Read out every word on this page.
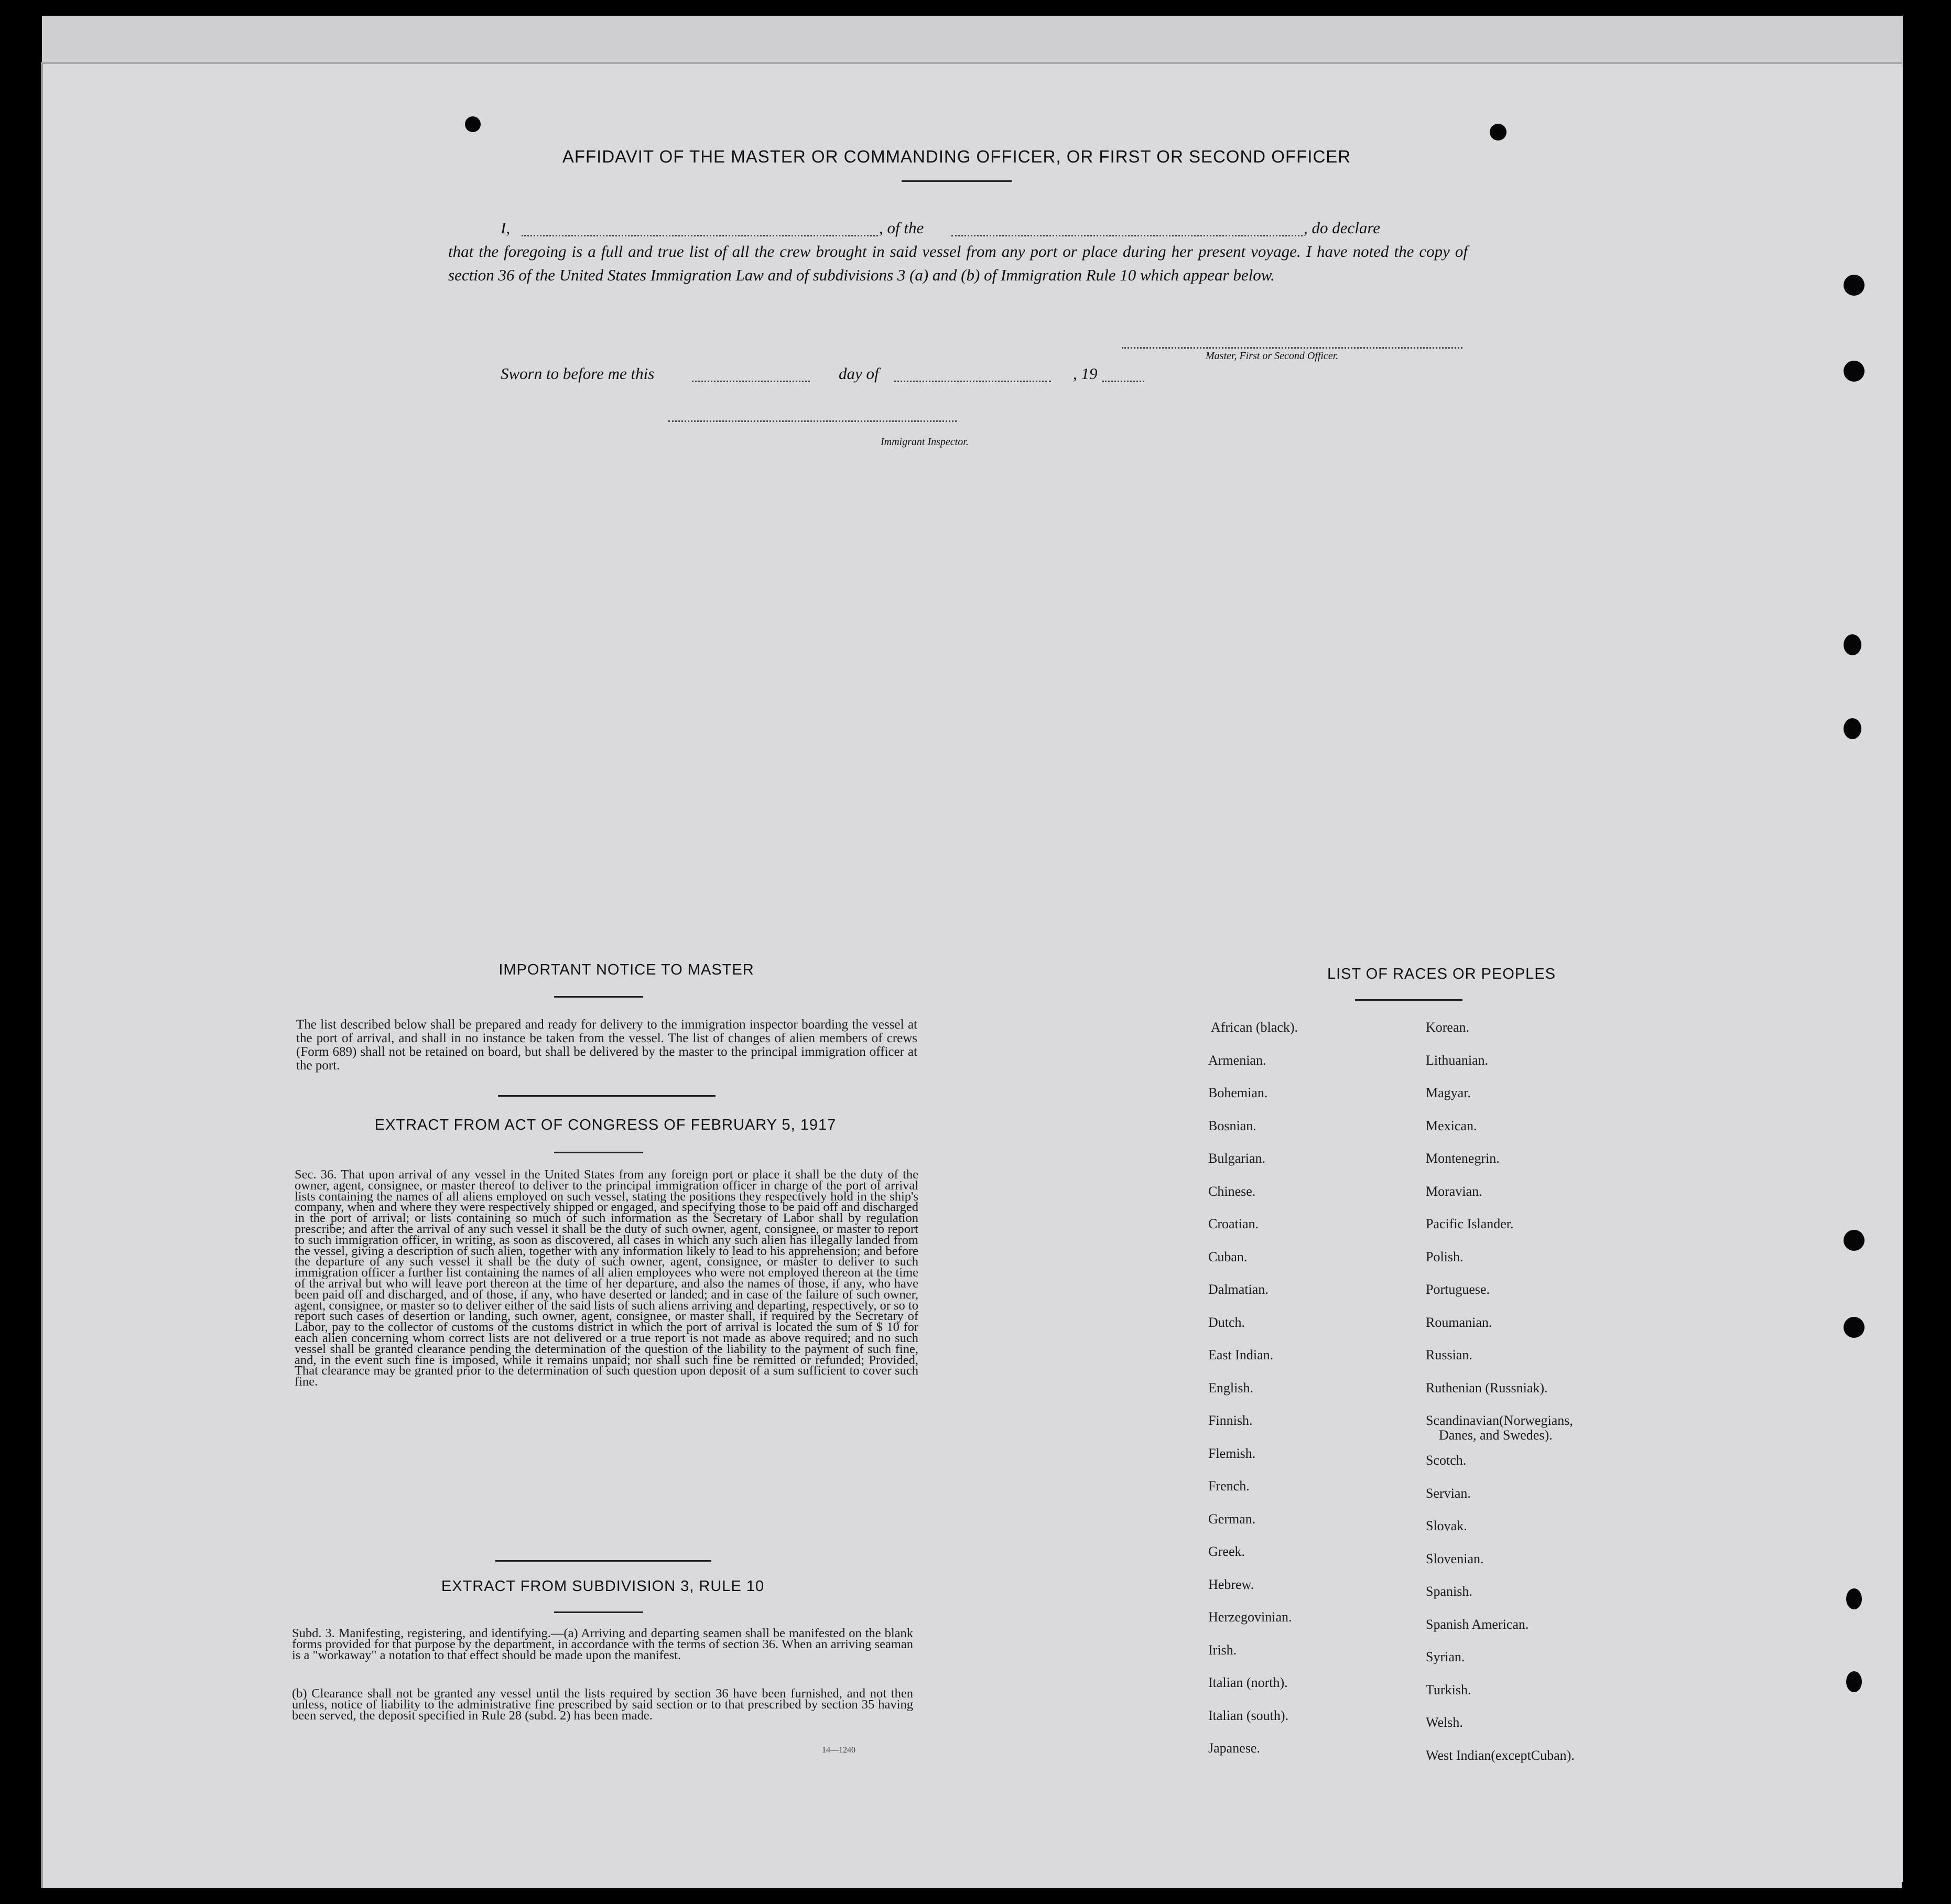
AFFIDAVIT OF THE MASTER OR COMMANDING OFFICER, OR FIRST OR SECOND OFFICER
I,	, of the	, do declare
that the foregoing is a full and true list of all the crew brought in said vessel from any port or place during her present voyage. I have noted the copy of section 36 of the United States Immigration Law and of subdivisions 3 (a) and (b) of Immigration Rule 10 which appear below.
Master, First or Second Officer.
Sworn to before me this	day of	, 19
Immigrant Inspector.
IMPORTANT NOTICE TO MASTER
The list described below shall be prepared and ready for delivery to the immigration inspector boarding the vessel at the port of arrival, and shall in no instance be taken from the vessel. The list of changes of alien members of crews (Form 689) shall not be retained on board, but shall be delivered by the master to the principal immigration officer at the port.
EXTRACT FROM ACT OF CONGRESS OF FEBRUARY 5, 1917
Sec. 36. That upon arrival of any vessel in the United States from any foreign port or place it shall be the duty of the owner, agent, consignee, or master thereof to deliver to the principal immigration officer in charge of the port of arrival lists containing the names of all aliens employed on such vessel, stating the positions they respectively hold in the ship's company, when and where they were respectively shipped or engaged, and specifying those to be paid off and discharged in the port of arrival; or lists containing so much of such information as the Secretary of Labor shall by regulation prescribe; and after the arrival of any such vessel it shall be the duty of such owner, agent, consignee, or master to report to such immigration officer, in writing, as soon as discovered, all cases in which any such alien has illegally landed from the vessel, giving a description of such alien, together with any information likely to lead to his apprehension; and before the departure of any such vessel it shall be the duty of such owner, agent, consignee, or master to deliver to such immigration officer a further list containing the names of all alien employees who were not employed thereon at the time of the arrival but who will leave port thereon at the time of her departure, and also the names of those, if any, who have been paid off and discharged, and of those, if any, who have deserted or landed; and in case of the failure of such owner, agent, consignee, or master so to deliver either of the said lists of such aliens arriving and departing, respectively, or so to report such cases of desertion or landing, such owner, agent, consignee, or master shall, if required by the Secretary of Labor, pay to the collector of customs of the customs district in which the port of arrival is located the sum of $ 10 for each alien concerning whom correct lists are not delivered or a true report is not made as above required; and no such vessel shall be granted clearance pending the determination of the question of the liability to the payment of such fine, and, in the event such fine is imposed, while it remains unpaid; nor shall such fine be remitted or refunded; Provided, That clearance may be granted prior to the determination of such question upon deposit of a sum sufficient to cover such fine.
EXTRACT FROM SUBDIVISION 3, RULE 10
Subd. 3. Manifesting, registering, and identifying.—(a) Arriving and departing seamen shall be manifested on the blank forms provided for that purpose by the department, in accordance with the terms of section 36. When an arriving seaman is a "workaway" a notation to that effect should be made upon the manifest.
(b) Clearance shall not be granted any vessel until the lists required by section 36 have been furnished, and not then unless, notice of liability to the administrative fine prescribed by said section or to that prescribed by section 35 having been served, the deposit specified in Rule 28 (subd. 2) has been made.
14—1240
LIST OF RACES OR PEOPLES
African (black).
Armenian.
Bohemian.
Bosnian.
Bulgarian.
Chinese.
Croatian.
Cuban.
Dalmatian.
Dutch.
East Indian.
English.
Finnish.
Flemish.
French.
German.
Greek.
Hebrew.
Herzegovinian.
Irish.
Italian (north).
Italian (south).
Japanese.
Korean.
Lithuanian.
Magyar.
Mexican.
Montenegrin.
Moravian.
Pacific Islander.
Polish.
Portuguese.
Roumanian.
Russian.
Ruthenian (Russniak).
Scandinavian(Norwegians,
Danes, and Swedes).
Scotch.
Servian.
Slovak.
Slovenian.
Spanish.
Spanish American.
Syrian.
Turkish.
Welsh.
West Indian(exceptCuban).
